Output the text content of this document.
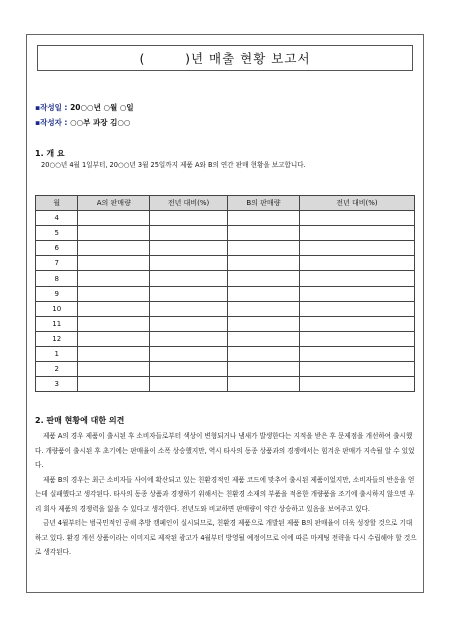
(        )년 매출 현황 보고서
▪작성일 : 20○○년 ○월 ○일
▪작성자 : ○○부 과장 김○○
1. 개 요
20○○년 4월 1일부터, 20○○년 3월 25일까지 제품 A와 B의 연간 판매 현황을 보고합니다.
월	A의 판매량	전년 대비(%)	B의 판매량	전년 대비(%)
4				
5				
6				
7				
8				
9				
10				
11				
12				
1				
2				
3				
2. 판매 현황에 대한 의견

제품 A의 경우 제품이 출시된 후 소비자들로부터 색상이 변형되거나 냄새가 발생한다는 지적을 받은 후 문제점을 개선하여 출시했다. 개량품이 출시된 후 초기에는 판매율이 소폭 상승했지만, 역시 타사의 동종 상품과의 경쟁에서는 힘겨운 판매가 지속될 알 수 있었다.

제품 B의 경우는 최근 소비자들 사이에 확산되고 있는 친환경적인 제품 코드에 맞추어 출시된 제품이었지만, 소비자들의 반응을 얻는데 실패했다고 생각된다. 타사의 동종 상품과 경쟁하기 위해서는 친환경 소재의 부품을 적용한 개량품을 조기에 출시하지 않으면 우리 회사 제품의 경쟁력을 잃을 수 있다고 생각한다. 전년도와 비교하면 판매량이 약간 상승하고 있음을 보여주고 있다.

금년 4월부터는 범국민적인 공해 추방 캠페인이 실시되므로, 친환경 제품으로 개발된 제품 B의 판매율이 더욱 성장할 것으로 기대하고 있다. 환경 개선 상품이라는 이미지로 제작된 광고가 4월부터 방영될 예정이므로 이에 따른 마케팅 전략을 다시 수립해야 할 것으로 생각된다.
